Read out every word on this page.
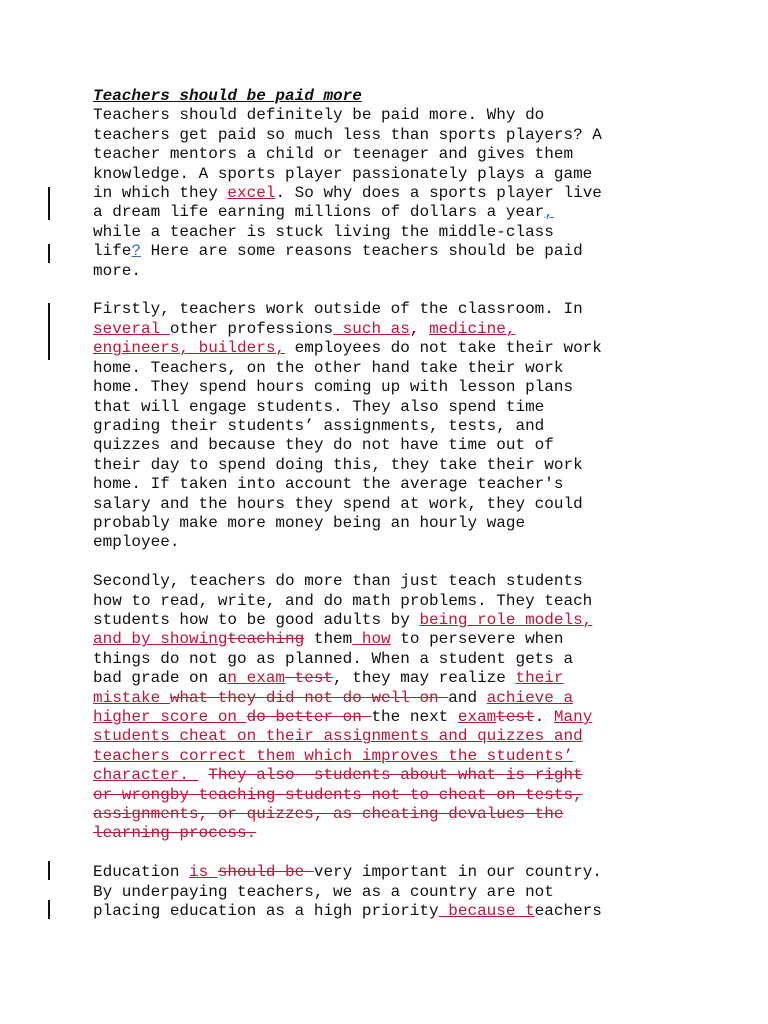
Teachers should be paid more
Teachers should definitely be paid more. Why do
teachers get paid so much less than sports players? A
teacher mentors a child or teenager and gives them
knowledge. A sports player passionately plays a game
in which they excel. So why does a sports player live
a dream life earning millions of dollars a year,
while a teacher is stuck living the middle-class
life? Here are some reasons teachers should be paid
more.

Firstly, teachers work outside of the classroom. In
several other professions such as, medicine,
engineers, builders, employees do not take their work
home. Teachers, on the other hand take their work
home. They spend hours coming up with lesson plans
that will engage students. They also spend time
grading their students’ assignments, tests, and
quizzes and because they do not have time out of
their day to spend doing this, they take their work
home. If taken into account the average teacher's
salary and the hours they spend at work, they could
probably make more money being an hourly wage
employee.

Secondly, teachers do more than just teach students
how to read, write, and do math problems. They teach
students how to be good adults by being role models,
and by showingteaching them how to persevere when
things do not go as planned. When a student gets a
bad grade on an exam test, they may realize their
mistake what they did not do well on and achieve a
higher score on do better on the next examtest. Many
students cheat on their assignments and quizzes and
teachers correct them which improves the students’
character.  They also  students about what is right
or wrongby teaching students not to cheat on tests,
assignments, or quizzes, as cheating devalues the
learning process.

Education is should be very important in our country.
By underpaying teachers, we as a country are not
placing education as a high priority because teachers
